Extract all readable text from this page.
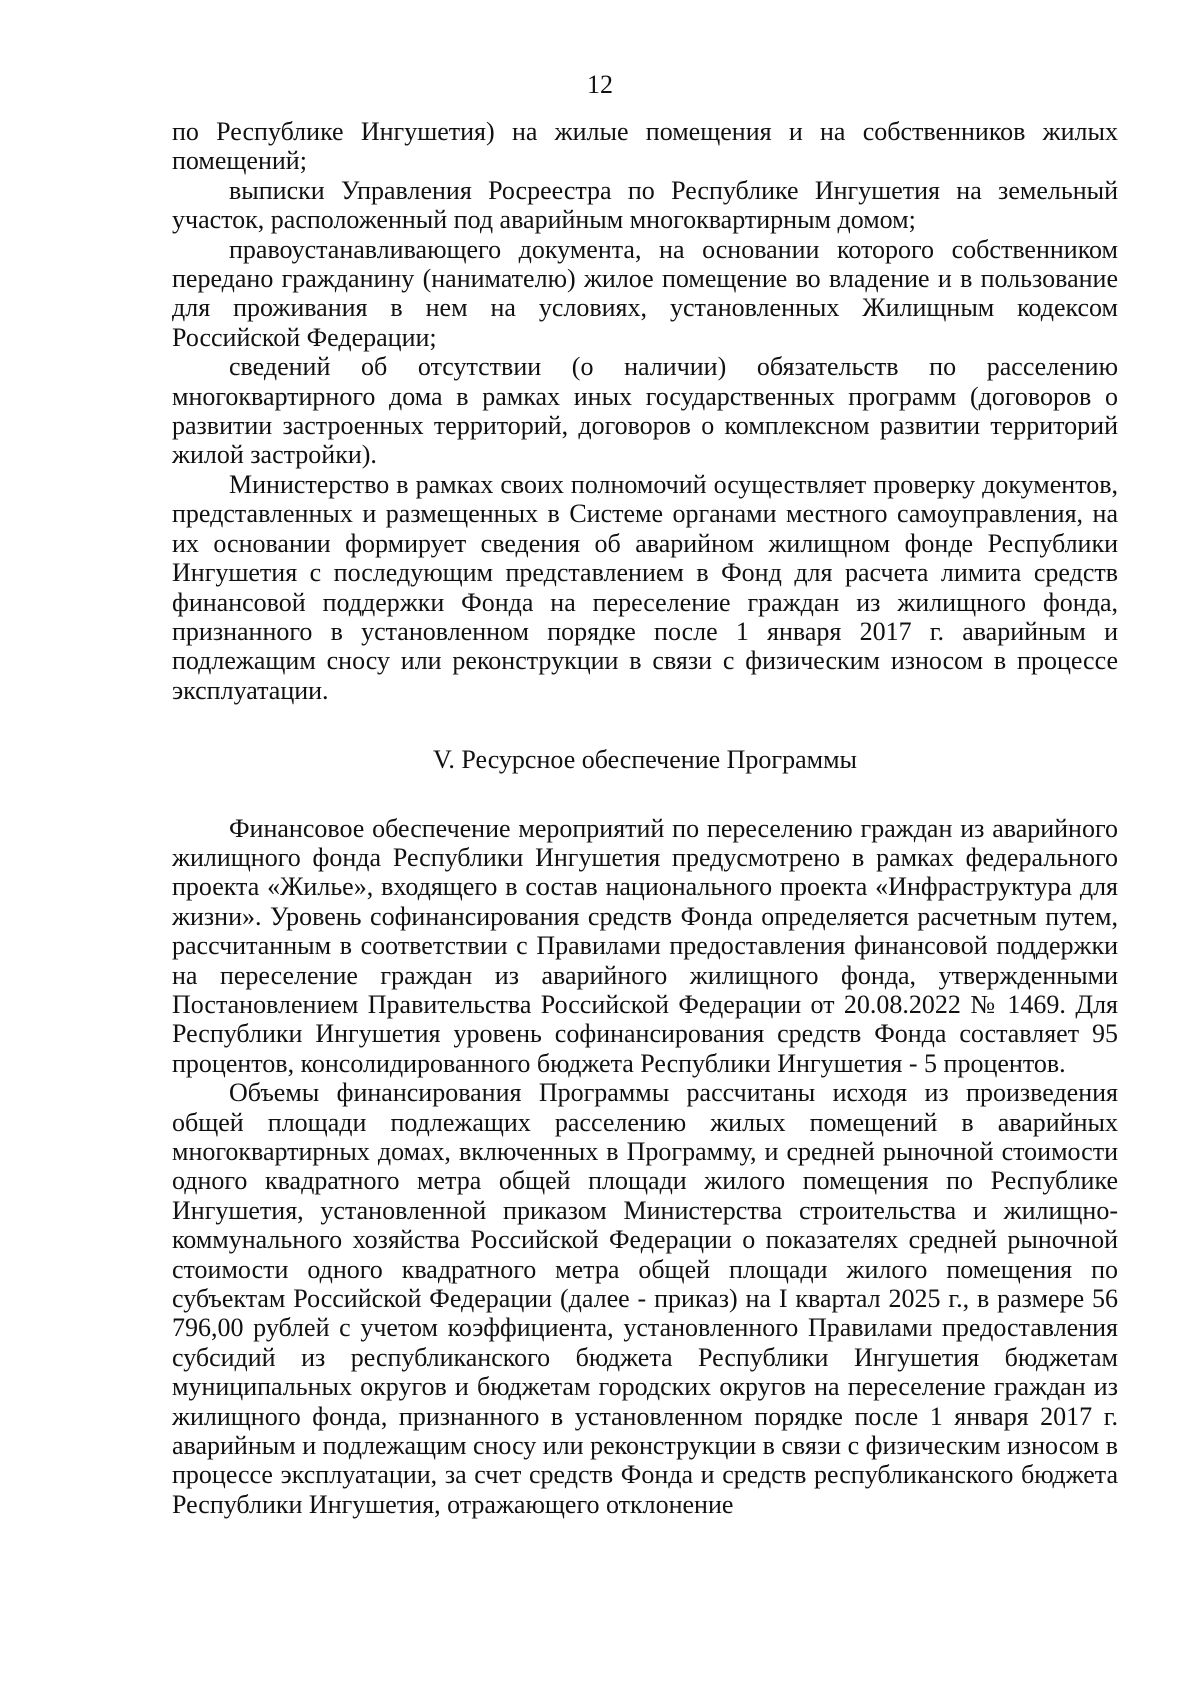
12

по Республике Ингушетия) на жилые помещения и на собственников жилых помещений;

выписки Управления Росреестра по Республике Ингушетия на земельный участок, расположенный под аварийным многоквартирным домом;

правоустанавливающего документа, на основании которого собственником передано гражданину (нанимателю) жилое помещение во владение и в пользование для проживания в нем на условиях, установленных Жилищным кодексом Российской Федерации;

сведений об отсутствии (о наличии) обязательств по расселению многоквартирного дома в рамках иных государственных программ (договоров о развитии застроенных территорий, договоров о комплексном развитии территорий жилой застройки).

Министерство в рамках своих полномочий осуществляет проверку документов, представленных и размещенных в Системе органами местного самоуправления, на их основании формирует сведения об аварийном жилищном фонде Республики Ингушетия с последующим представлением в Фонд для расчета лимита средств финансовой поддержки Фонда на переселение граждан из жилищного фонда, признанного в установленном порядке после 1 января 2017 г. аварийным и подлежащим сносу или реконструкции в связи с физическим износом в процессе эксплуатации.

V. Ресурсное обеспечение Программы

Финансовое обеспечение мероприятий по переселению граждан из аварийного жилищного фонда Республики Ингушетия предусмотрено в рамках федерального проекта «Жилье», входящего в состав национального проекта «Инфраструктура для жизни». Уровень софинансирования средств Фонда определяется расчетным путем, рассчитанным в соответствии с Правилами предоставления финансовой поддержки на переселение граждан из аварийного жилищного фонда, утвержденными Постановлением Правительства Российской Федерации от 20.08.2022 № 1469. Для Республики Ингушетия уровень софинансирования средств Фонда составляет 95 процентов, консолидированного бюджета Республики Ингушетия - 5 процентов.

Объемы финансирования Программы рассчитаны исходя из произведения общей площади подлежащих расселению жилых помещений в аварийных многоквартирных домах, включенных в Программу, и средней рыночной стоимости одного квадратного метра общей площади жилого помещения по Республике Ингушетия, установленной приказом Министерства строительства и жилищно-коммунального хозяйства Российской Федерации о показателях средней рыночной стоимости одного квадратного метра общей площади жилого помещения по субъектам Российской Федерации (далее - приказ) на I квартал 2025 г., в размере 56 796,00 рублей с учетом коэффициента, установленного Правилами предоставления субсидий из республиканского бюджета Республики Ингушетия бюджетам муниципальных округов и бюджетам городских округов на переселение граждан из жилищного фонда, признанного в установленном порядке после 1 января 2017 г. аварийным и подлежащим сносу или реконструкции в связи с физическим износом в процессе эксплуатации, за счет средств Фонда и средств республиканского бюджета Республики Ингушетия, отражающего отклонение
